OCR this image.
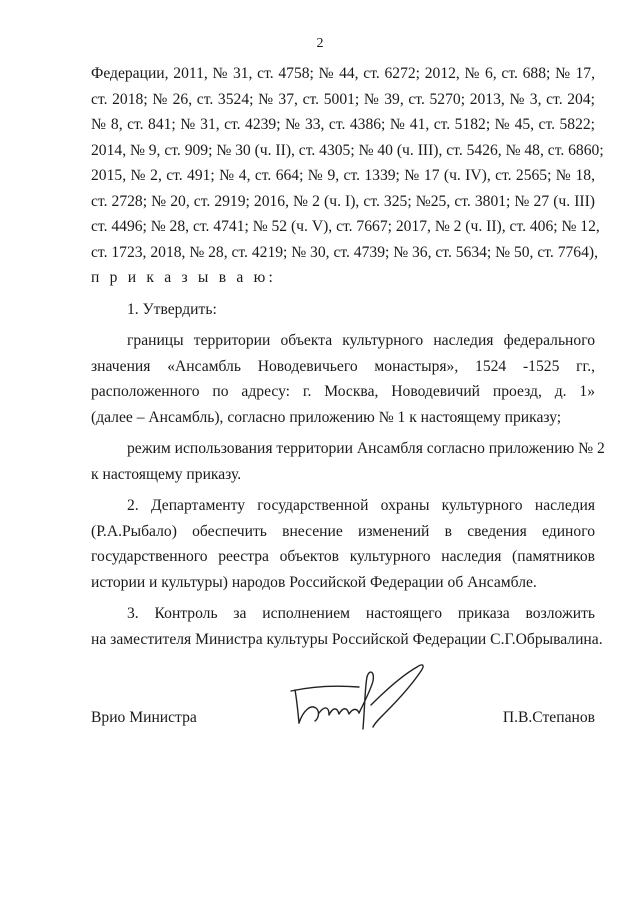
2
Федерации, 2011, № 31, ст. 4758; № 44, ст. 6272; 2012, № 6, ст. 688; № 17,
ст. 2018; № 26, ст. 3524; № 37, ст. 5001; № 39, ст. 5270; 2013, № 3, ст. 204;
№ 8, ст. 841; № 31, ст. 4239; № 33, ст. 4386; № 41, ст. 5182; № 45, ст. 5822;
2014, № 9, ст. 909; № 30 (ч. II), ст. 4305; № 40 (ч. III), ст. 5426, № 48, ст. 6860;
2015, № 2, ст. 491; № 4, ст. 664; № 9, ст. 1339; № 17 (ч. IV), ст. 2565; № 18,
ст. 2728; № 20, ст. 2919; 2016, № 2 (ч. I), ст. 325; №25, ст. 3801; № 27 (ч. III)
ст. 4496; № 28, ст. 4741; № 52 (ч. V), ст. 7667; 2017, № 2 (ч. II), ст. 406; № 12,
ст. 1723, 2018, № 28, ст. 4219; № 30, ст. 4739; № 36, ст. 5634; № 50, ст. 7764),
п р и к а з ы в а ю:
1. Утвердить:
границы территории объекта культурного наследия федерального
значения «Ансамбль Новодевичьего монастыря», 1524 -1525 гг.,
расположенного по адресу: г. Москва, Новодевичий проезд, д. 1»
(далее – Ансамбль), согласно приложению № 1 к настоящему приказу;
режим использования территории Ансамбля согласно приложению № 2
к настоящему приказу.
2. Департаменту государственной охраны культурного наследия
(Р.А.Рыбало) обеспечить внесение изменений в сведения единого
государственного реестра объектов культурного наследия (памятников
истории и культуры) народов Российской Федерации об Ансамбле.
3. Контроль за исполнением настоящего приказа возложить
на заместителя Министра культуры Российской Федерации С.Г.Обрывалина.
Врио Министра	П.В.Степанов
